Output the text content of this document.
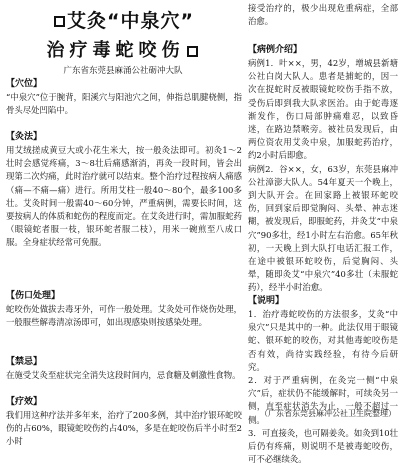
艾灸“中泉穴”
治疗毒蛇咬伤
广东省东莞县麻涌公社砺冲大队
【穴位】
“中泉穴”位于腕背，阳溪穴与阳池穴之间，伸指总肌腱桡侧，指骨头尽处凹陷中。
【灸法】
用艾绒搓成黄豆大或小花生米大，按一般灸法即可。初灸1～2壮时会感觉疼痛，3～8壮后痛感渐消，再灸一段时间，皆会出现第二次灼痛，此时治疗就可以结束。整个治疗过程按病人痛感（痛—不痛—痛）进行。所用艾柱一般40～80个，最多100多壮。艾灸时间一般需40～60分钟，严重病例，需要长时间，这要按病人的体质和蛇伤的程度而定。在艾灸进行时，需加服蛇药（眼镜蛇者服一枝，银环蛇者服二枝），用米一碗煎至八成口服。全身症状经常可免服。
【伤口处理】
蛇咬伤处做拔去毒牙外，可作一般处理。艾灸处可作烧伤处理，一般服些解毒清凉汤即可，如出现感染则按感染处理。
【禁忌】
在施受艾灸至症状完全消失这段时间内，忌食糖及刺激性食物。
【疗效】
我们用这种疗法并多年来，治疗了200多例，其中治疗银环蛇咬伤的占60%，眼镜蛇咬伤约占40%，多是在蛇咬伤后半小时至2小时
接受治疗的，极少出现危重病症，全部治愈。
【病例介绍】
病例1．叶××，男，42岁，增城县新塘公社白岗大队人。患者是捕蛇的，因一次在捉蛇时反被眼镜蛇咬伤手指不放，受伤后即到我大队求医治。由于蛇毒逐渐发作，伤口局部肿痛难忍，以致昏迷，在路边禁喉旁。被社员发现后，由两位资农用艾灸中泉，加服蛇药治疗，约2小时后即愈。
病例2．谷××，女，63岁，东莞县麻冲公社漳澎大队人。54年夏天一个晚上，到大队开会。在回家路上被银环蛇咬伤，回到家后即觉胸闷、头晕、神志迷糊，被发现后，即服蛇药，并灸艾“中泉穴”90多壮，经1小时左右治愈。65年秋初，一天晚上到大队打电话汇报工作，在途中被银环蛇咬伤，后觉胸闷、头晕，随即灸艾“中泉穴”40多壮（未服蛇药），经半小时治愈。
【说明】
1．治疗毒蛇咬伤的方法很多，艾灸“中泉穴”只是其中的一种。此法仅用于眼镜蛇、银环蛇的咬伤，对其他毒蛇咬伤是否有效，尚待实践经验，有待今后研究。
2．对于严重病例，在灸完一侧“中泉穴”后，症状仍不能缓解时，可续灸另一侧，直至症状消失为止，一般不超过一侧。
3．可直接灸，也可隔姜灸。如灸到10壮后仍有疼痛，则说明不是被毒蛇咬伤，可不必继续灸。
（广东省东莞县麻冲公社卫生院整理）
